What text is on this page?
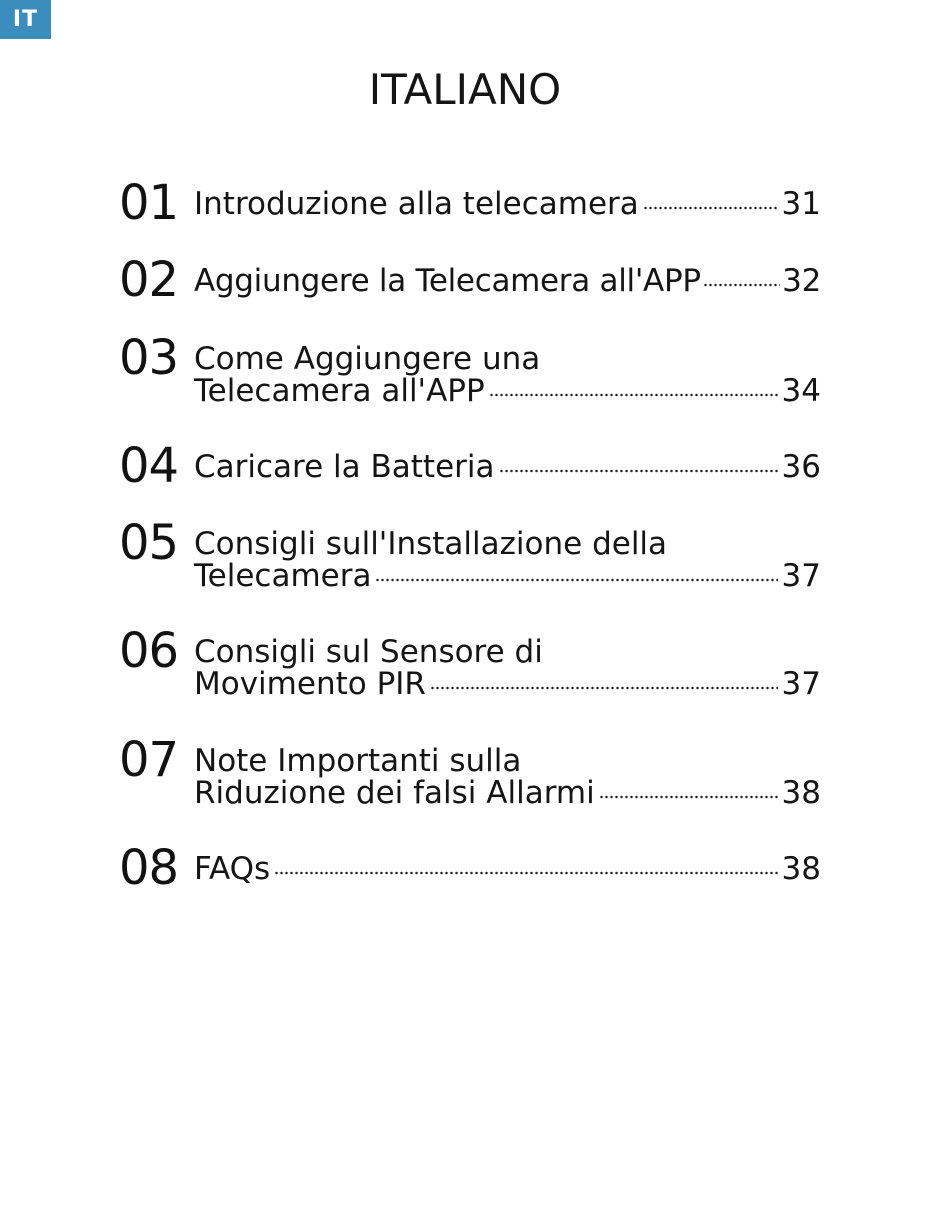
IT
ITALIANO
01 Introduzione alla telecamera	31
02 Aggiungere la Telecamera all'APP	32
03 Come Aggiungere una
Telecamera all'APP	34
04 Caricare la Batteria	36
05 Consigli sull'Installazione della
Telecamera	37
06 Consigli sul Sensore di
Movimento PIR	37
07 Note Importanti sulla
Riduzione dei falsi Allarmi	38
08 FAQs	38
